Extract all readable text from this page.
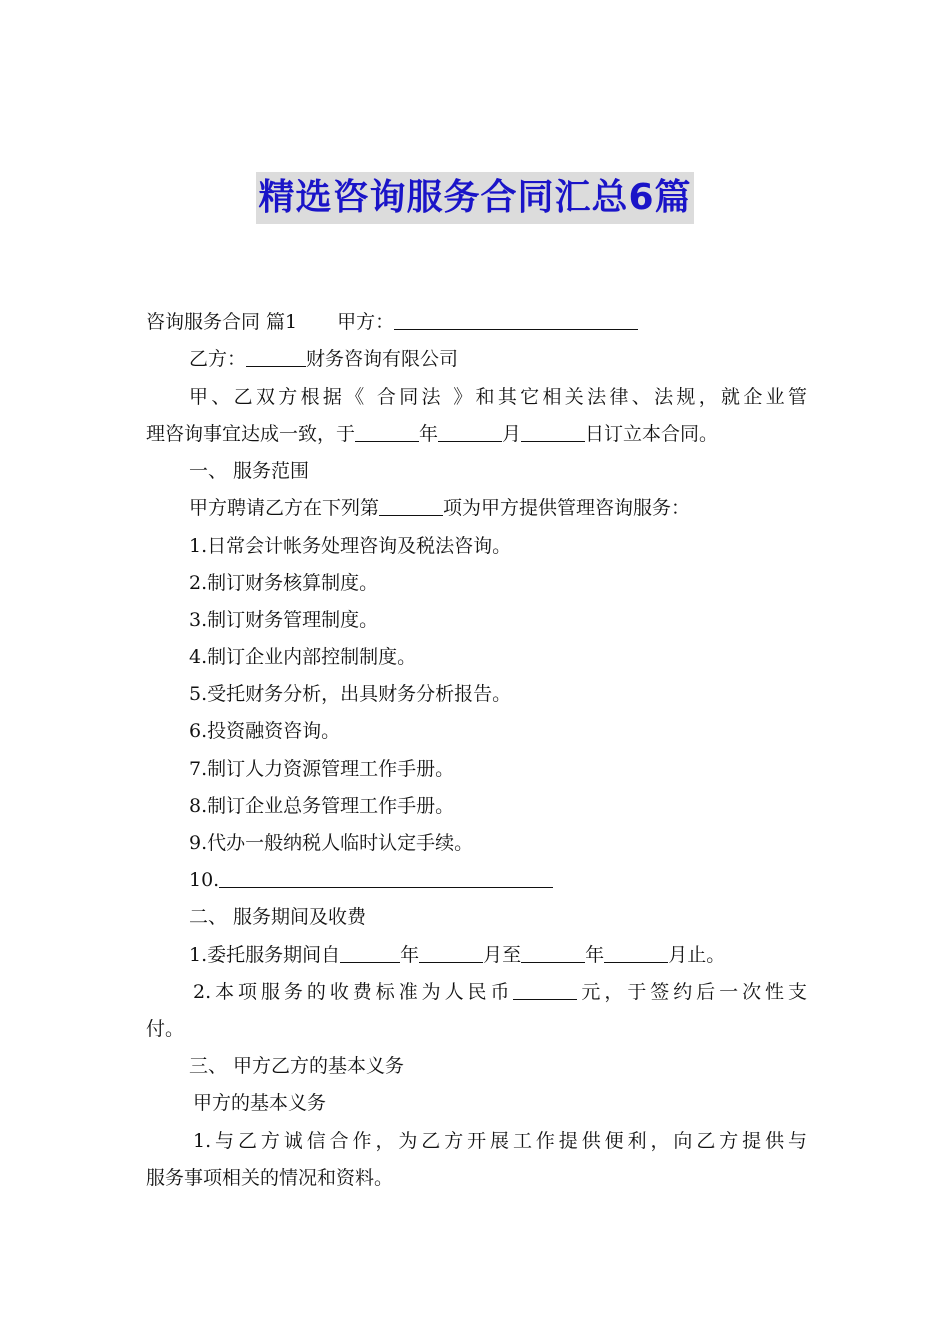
精选咨询服务合同汇总6篇
咨询服务合同 篇1 甲方：
乙方：	财务咨询有限公司
甲、乙双方根据《 合同法 》和其它相关法律、法规，就企业管
理咨询事宜达成一致，于	年	月	日订立本合同。
一、 服务范围
甲方聘请乙方在下列第	项为甲方提供管理咨询服务：
1.日常会计帐务处理咨询及税法咨询。
2.制订财务核算制度。
3.制订财务管理制度。
4.制订企业内部控制制度。
5.受托财务分析，出具财务分析报告。
6.投资融资咨询。
7.制订人力资源管理工作手册。
8.制订企业总务管理工作手册。
9.代办一般纳税人临时认定手续。
10.
二、 服务期间及收费
1.委托服务期间自	年	月至	年	月止。
2.本项服务的收费标准为人民币	元，于签约后一次性支
付。
三、 甲方乙方的基本义务
甲方的基本义务
1.与乙方诚信合作，为乙方开展工作提供便利，向乙方提供与
服务事项相关的情况和资料。
